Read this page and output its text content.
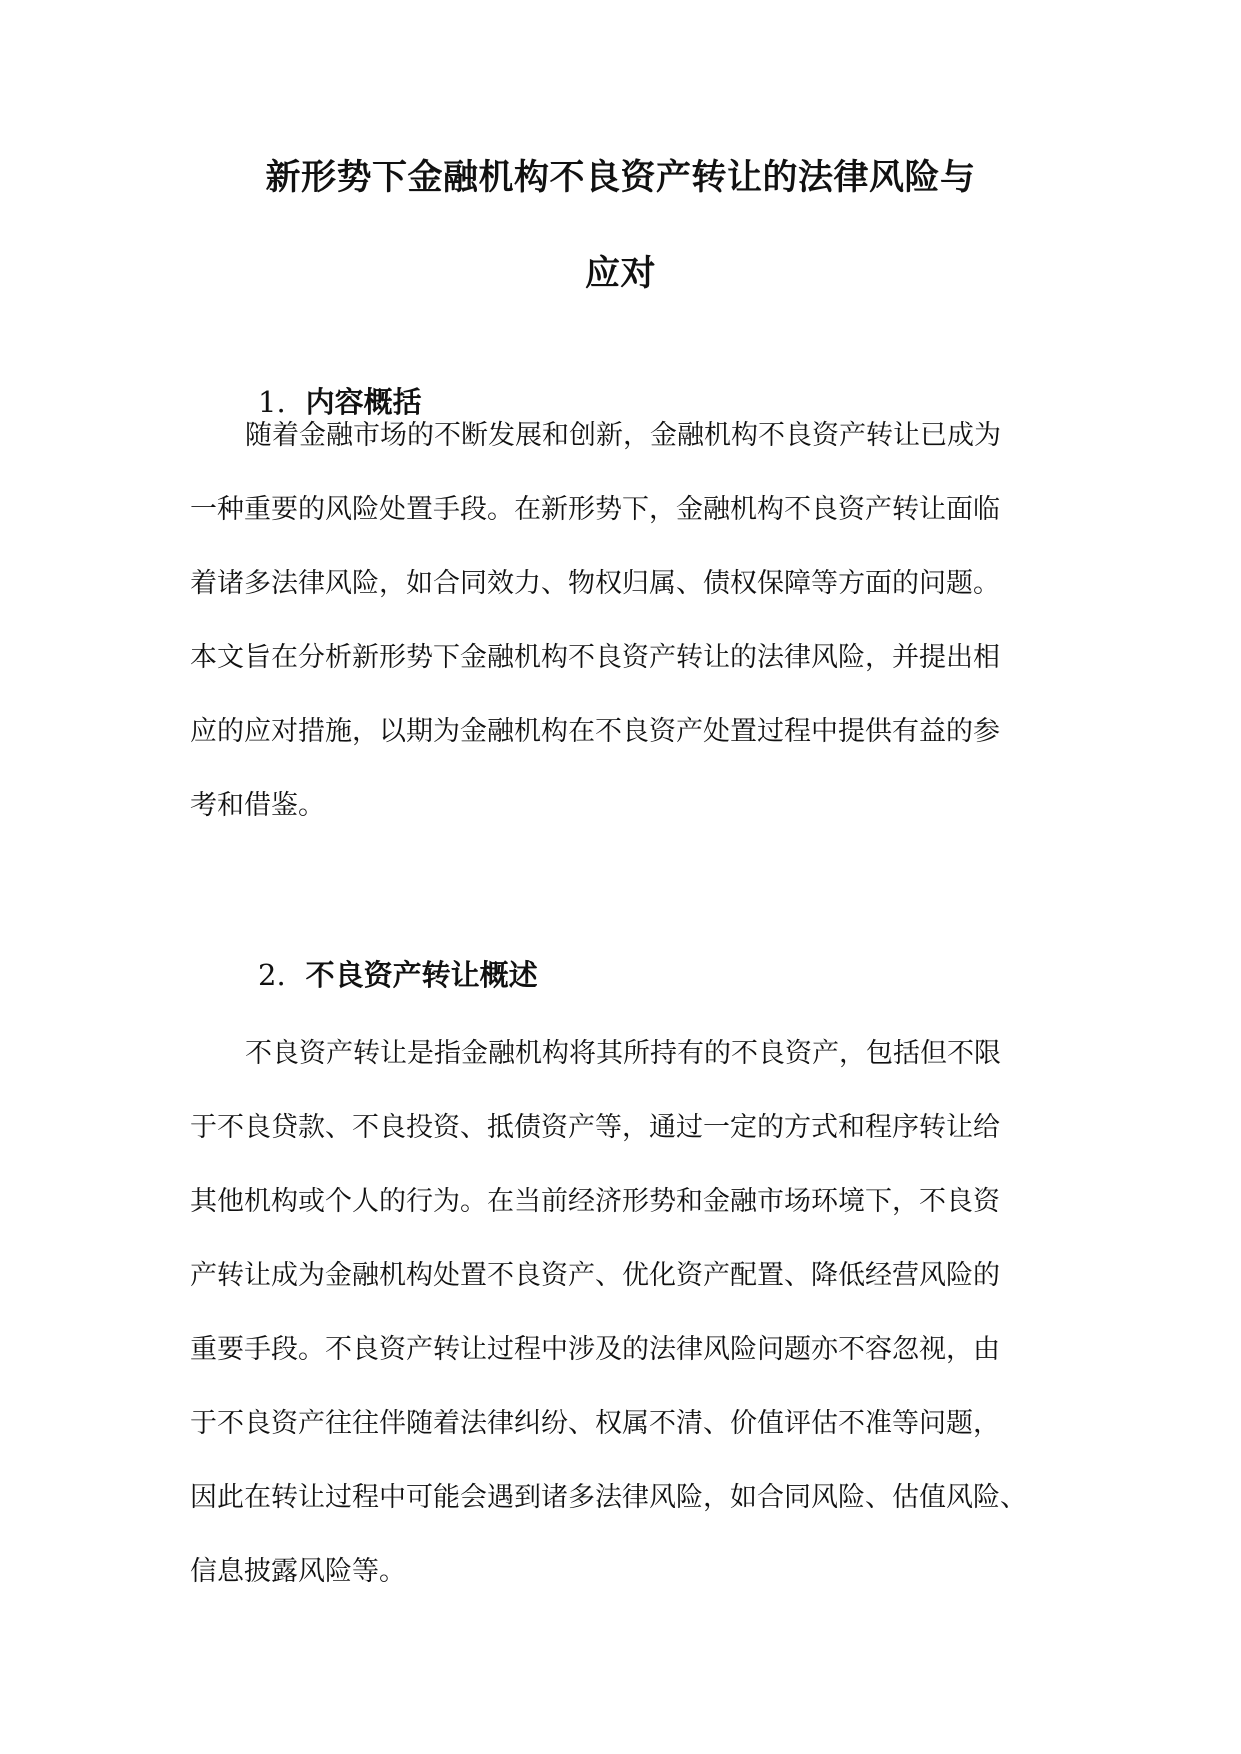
新形势下金融机构不良资产转让的法律风险与
应对
1. 内容概括
随着金融市场的不断发展和创新，金融机构不良资产转让已成为
一种重要的风险处置手段。在新形势下，金融机构不良资产转让面临
着诸多法律风险，如合同效力、物权归属、债权保障等方面的问题。
本文旨在分析新形势下金融机构不良资产转让的法律风险，并提出相
应的应对措施，以期为金融机构在不良资产处置过程中提供有益的参
考和借鉴。
2. 不良资产转让概述
不良资产转让是指金融机构将其所持有的不良资产，包括但不限
于不良贷款、不良投资、抵债资产等，通过一定的方式和程序转让给
其他机构或个人的行为。在当前经济形势和金融市场环境下，不良资
产转让成为金融机构处置不良资产、优化资产配置、降低经营风险的
重要手段。不良资产转让过程中涉及的法律风险问题亦不容忽视，由
于不良资产往往伴随着法律纠纷、权属不清、价值评估不准等问题，
因此在转让过程中可能会遇到诸多法律风险，如合同风险、估值风险、
信息披露风险等。
